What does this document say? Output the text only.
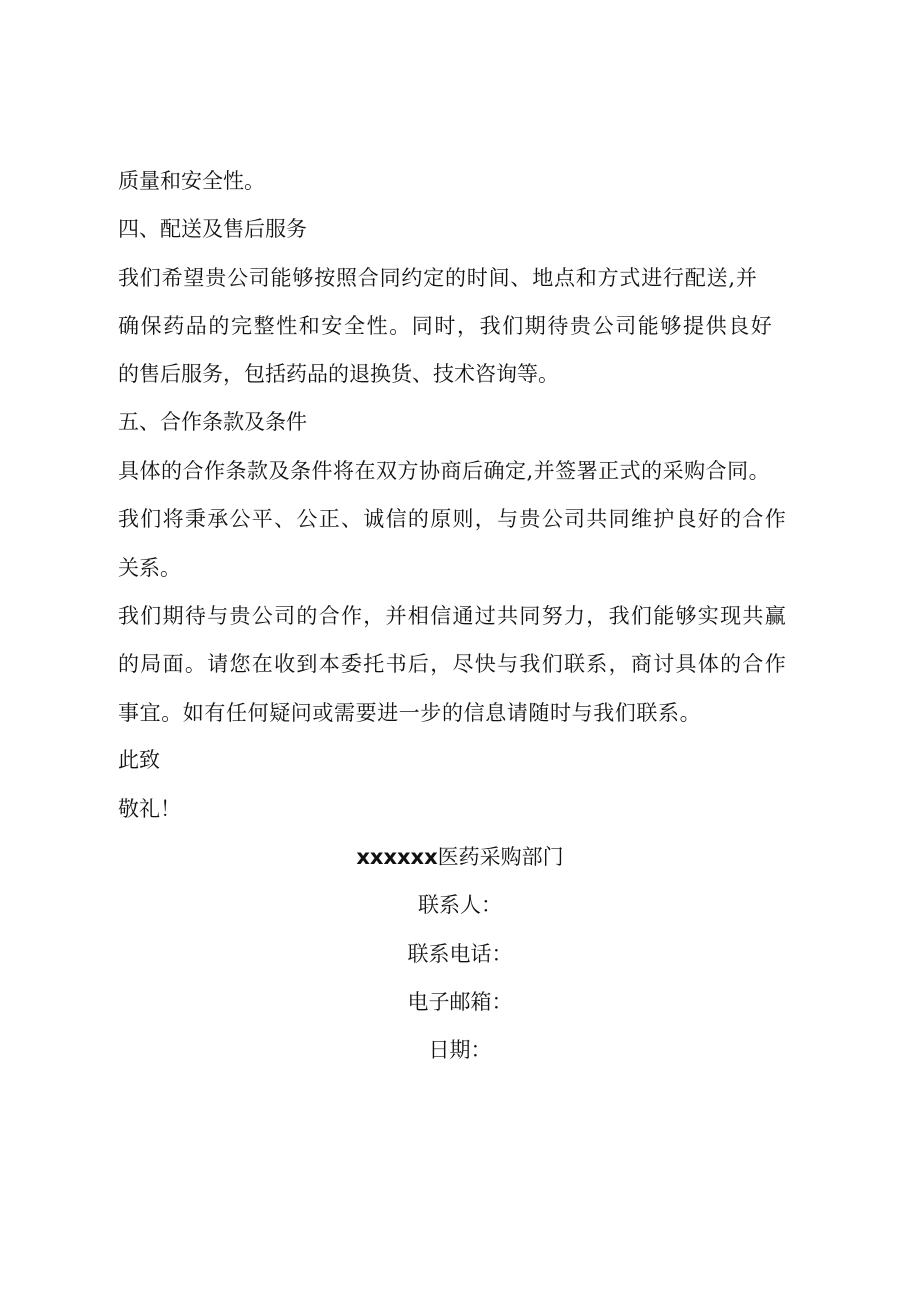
质量和安全性。
四、配送及售后服务
我们希望贵公司能够按照合同约定的时间、地点和方式进行配送,并
确保药品的完整性和安全性。同时，我们期待贵公司能够提供良好
的售后服务，包括药品的退换货、技术咨询等。
五、合作条款及条件
具体的合作条款及条件将在双方协商后确定,并签署正式的采购合同。
我们将秉承公平、公正、诚信的原则，与贵公司共同维护良好的合作
关系。
我们期待与贵公司的合作，并相信通过共同努力，我们能够实现共赢
的局面。请您在收到本委托书后，尽快与我们联系，商讨具体的合作
事宜。如有任何疑问或需要进一步的信息请随时与我们联系。
此致
敬礼！
xxxxxx医药采购部门
联系人：
联系电话：
电子邮箱：
日期：
